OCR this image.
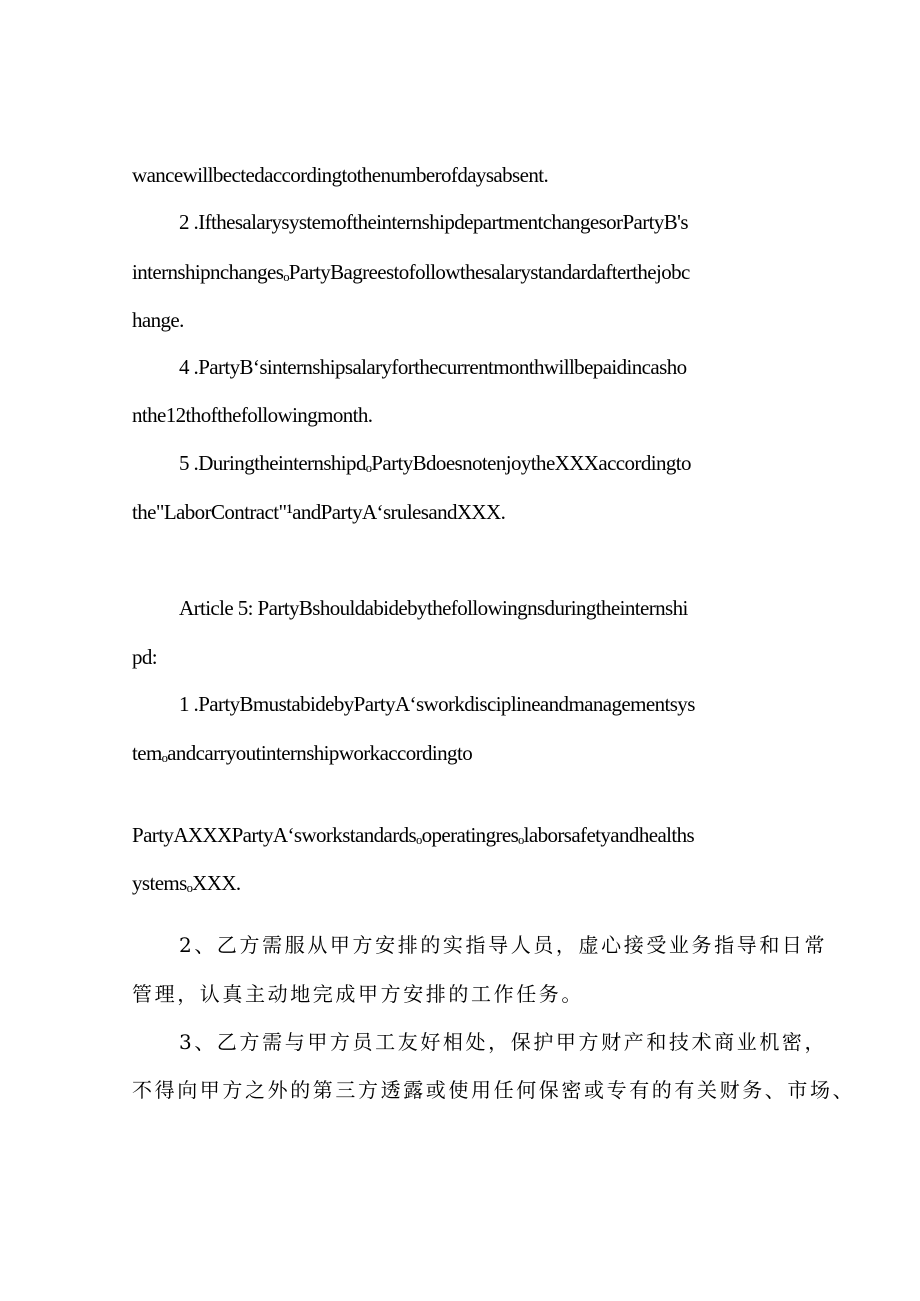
wancewillbectedaccordingtothenumberofdaysabsent.
2 .IfthesalarysystemoftheinternshipdepartmentchangesorPartyB's
internshipnchangesₒPartyBagreestofollowthesalarystandardafterthejobc
hange.
4 .PartyBʻsinternshipsalaryforthecurrentmonthwillbepaidincasho
nthe12thofthefollowingmonth.
5 .DuringtheinternshipdₒPartyBdoesnotenjoytheXXXaccordingto
the"LaborContract"¹andPartyAʻsrulesandXXX.
Article 5: PartyBshouldabidebythefollowingnsduringtheinternshi
pd:
1 .PartyBmustabidebyPartyAʻsworkdisciplineandmanagementsys
temₒandcarryoutinternshipworkaccordingto
PartyAXXXPartyAʻsworkstandardsₒoperatingresₒlaborsafetyandhealths
ystemsₒXXX.
2、乙方需服从甲方安排的实指导人员，虚心接受业务指导和日常
管理，认真主动地完成甲方安排的工作任务。
3、乙方需与甲方员工友好相处，保护甲方财产和技术商业机密，
不得向甲方之外的第三方透露或使用任何保密或专有的有关财务、市场、
